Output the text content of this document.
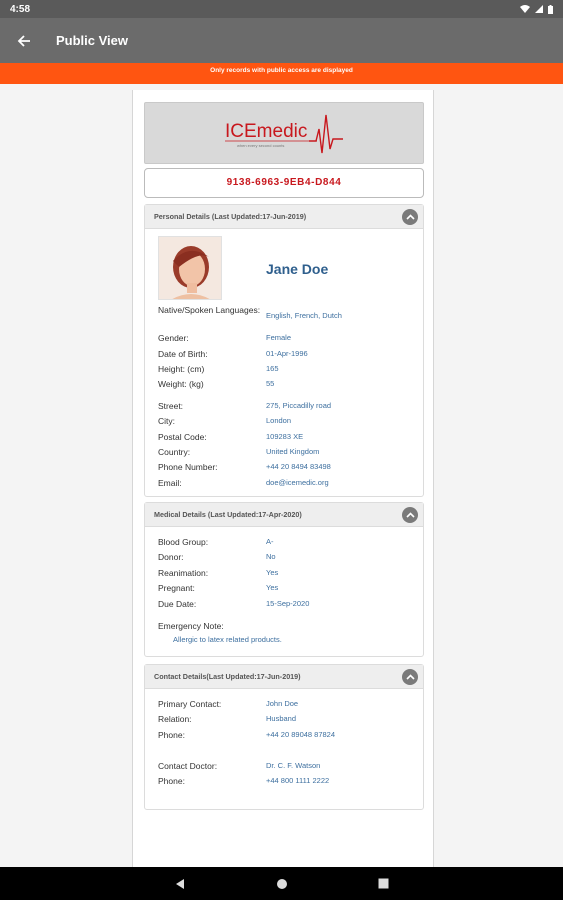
4:58
Public View
Only records with public access are displayed
ICEmedic
when every second counts
9138-6963-9EB4-D844
Personal Details (Last Updated:17-Jun-2019)
Jane Doe
Native/Spoken Languages:
English, French, Dutch
Gender:	Female
Date of Birth:	01-Apr-1996
Height: (cm)	165
Weight: (kg)	55
Street:	275, Piccadilly road
City:	London
Postal Code:	109283 XE
Country:	United Kingdom
Phone Number:	+44 20 8494 83498
Email:	doe@icemedic.org
Medical Details (Last Updated:17-Apr-2020)
Blood Group:	A-
Donor:	No
Reanimation:	Yes
Pregnant:	Yes
Due Date:	15-Sep-2020
Emergency Note:
Allergic to latex related products.
Contact Details(Last Updated:17-Jun-2019)
Primary Contact:	John Doe
Relation:	Husband
Phone:	+44 20 89048 87824
Contact Doctor:	Dr. C. F. Watson
Phone:	+44 800 1111 2222
